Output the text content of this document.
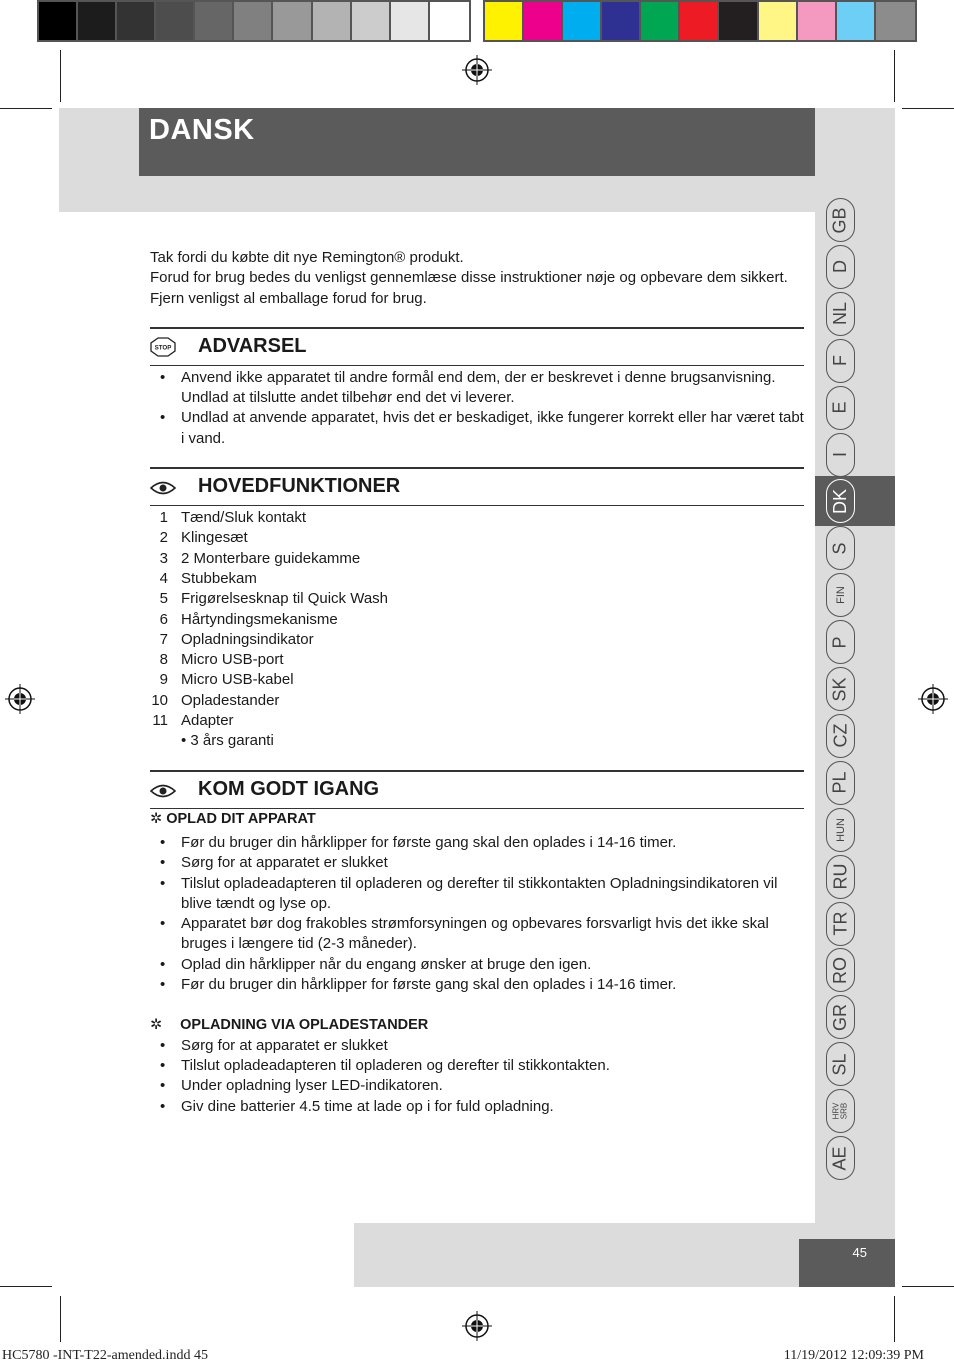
DANSK

Tak fordi du købte dit nye Remington® produkt.

Forud for brug bedes du venligst gennemlæse disse instruktioner nøje og opbevare dem sikkert. Fjern venligst al emballage forud for brug.

STOP ADVARSEL
• Anvend ikke apparatet til andre formål end dem, der er beskrevet i denne brugsanvisning. Undlad at tilslutte andet tilbehør end det vi leverer.
• Undlad at anvende apparatet, hvis det er beskadiget, ikke fungerer korrekt eller har været tabt i vand.
HOVEDFUNKTIONER
1 Tænd/Sluk kontakt
2 Klingesæt
3 2 Monterbare guidekamme
4 Stubbekam
5 Frigørelsesknap til Quick Wash
6 Hårtyndingsmekanisme
7 Opladningsindikator
8 Micro USB-port
9 Micro USB-kabel
10 Opladestander
11 Adapter
• 3 års garanti
KOM GODT IGANG
✲ OPLAD DIT APPARAT
• Før du bruger din hårklipper for første gang skal den oplades i 14-16 timer.
• Sørg for at apparatet er slukket
• Tilslut opladeadapteren til opladeren og derefter til stikkontakten Opladningsindikatoren vil blive tændt og lyse op.
• Apparatet bør dog frakobles strømforsyningen og opbevares forsvarligt hvis det ikke skal bruges i længere tid (2-3 måneder).
• Oplad din hårklipper når du engang ønsker at bruge den igen.
• Før du bruger din hårklipper for første gang skal den oplades i 14-16 timer.
✲ OPLADNING VIA OPLADESTANDER
• Sørg for at apparatet er slukket
• Tilslut opladeadapteren til opladeren og derefter til stikkontakten.
• Under opladning lyser LED-indikatoren.
• Giv dine batterier 4.5 time at lade op i for fuld opladning.
GB
D
NL
F
E
I
DK
S
FIN
P
SK
CZ
PL
HUN
RU
TR
RO
GR
SL
HRV SRB
AE
45
HC5780 -INT-T22-amended.indd 45	11/19/2012 12:09:39 PM
